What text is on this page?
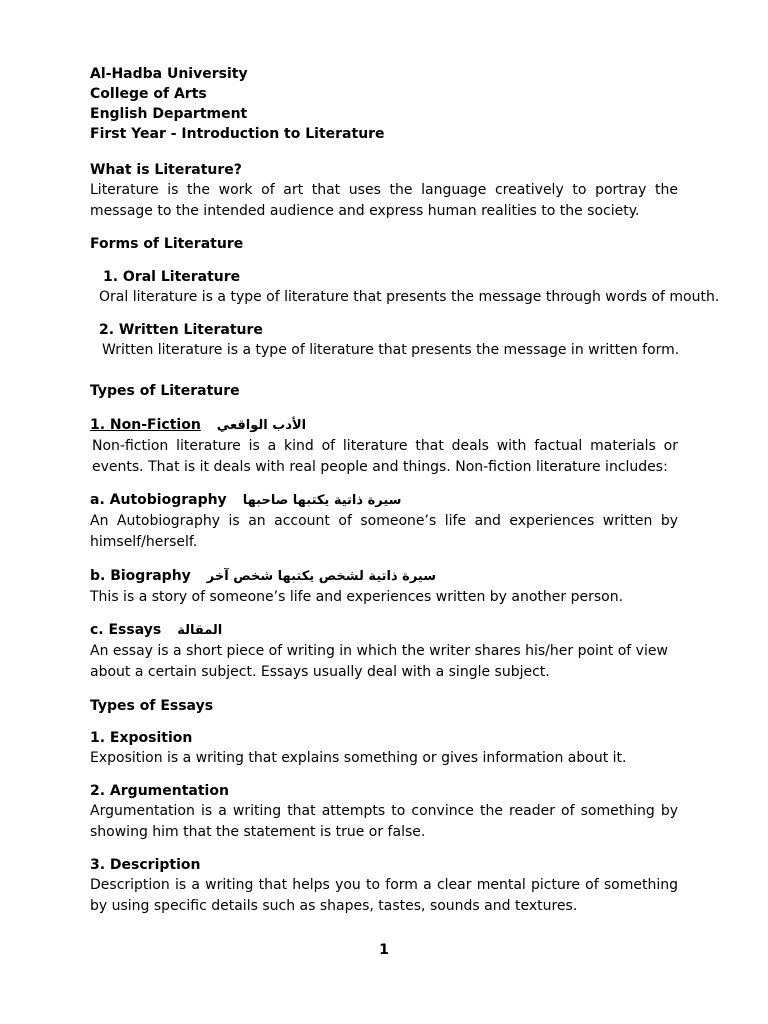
Al-Hadba University
College of Arts
English Department
First Year - Introduction to Literature
What is Literature?

Literature is the work of art that uses the language creatively to portray the message to the intended audience and express human realities to the society.

Forms of Literature
1. Oral Literature

Oral literature is a type of literature that presents the message through words of mouth.

2. Written Literature

Written literature is a type of literature that presents the message in written form.

Types of Literature
1. Non-Fiction الأدب الواقعي

Non-fiction literature is a kind of literature that deals with factual materials or events. That is it deals with real people and things. Non-fiction literature includes:

a. Autobiography سيرة ذاتية يكتبها صاحبها

An Autobiography is an account of someone’s life and experiences written by himself/herself.

b. Biography سيرة ذاتية لشخص يكتبها شخص آخر

This is a story of someone’s life and experiences written by another person.

c. Essays المقالة

An essay is a short piece of writing in which the writer shares his/her point of view about a certain subject. Essays usually deal with a single subject.

Types of Essays
1. Exposition

Exposition is a writing that explains something or gives information about it.

2. Argumentation

Argumentation is a writing that attempts to convince the reader of something by showing him that the statement is true or false.

3. Description

Description is a writing that helps you to form a clear mental picture of something by using specific details such as shapes, tastes, sounds and textures.

1
